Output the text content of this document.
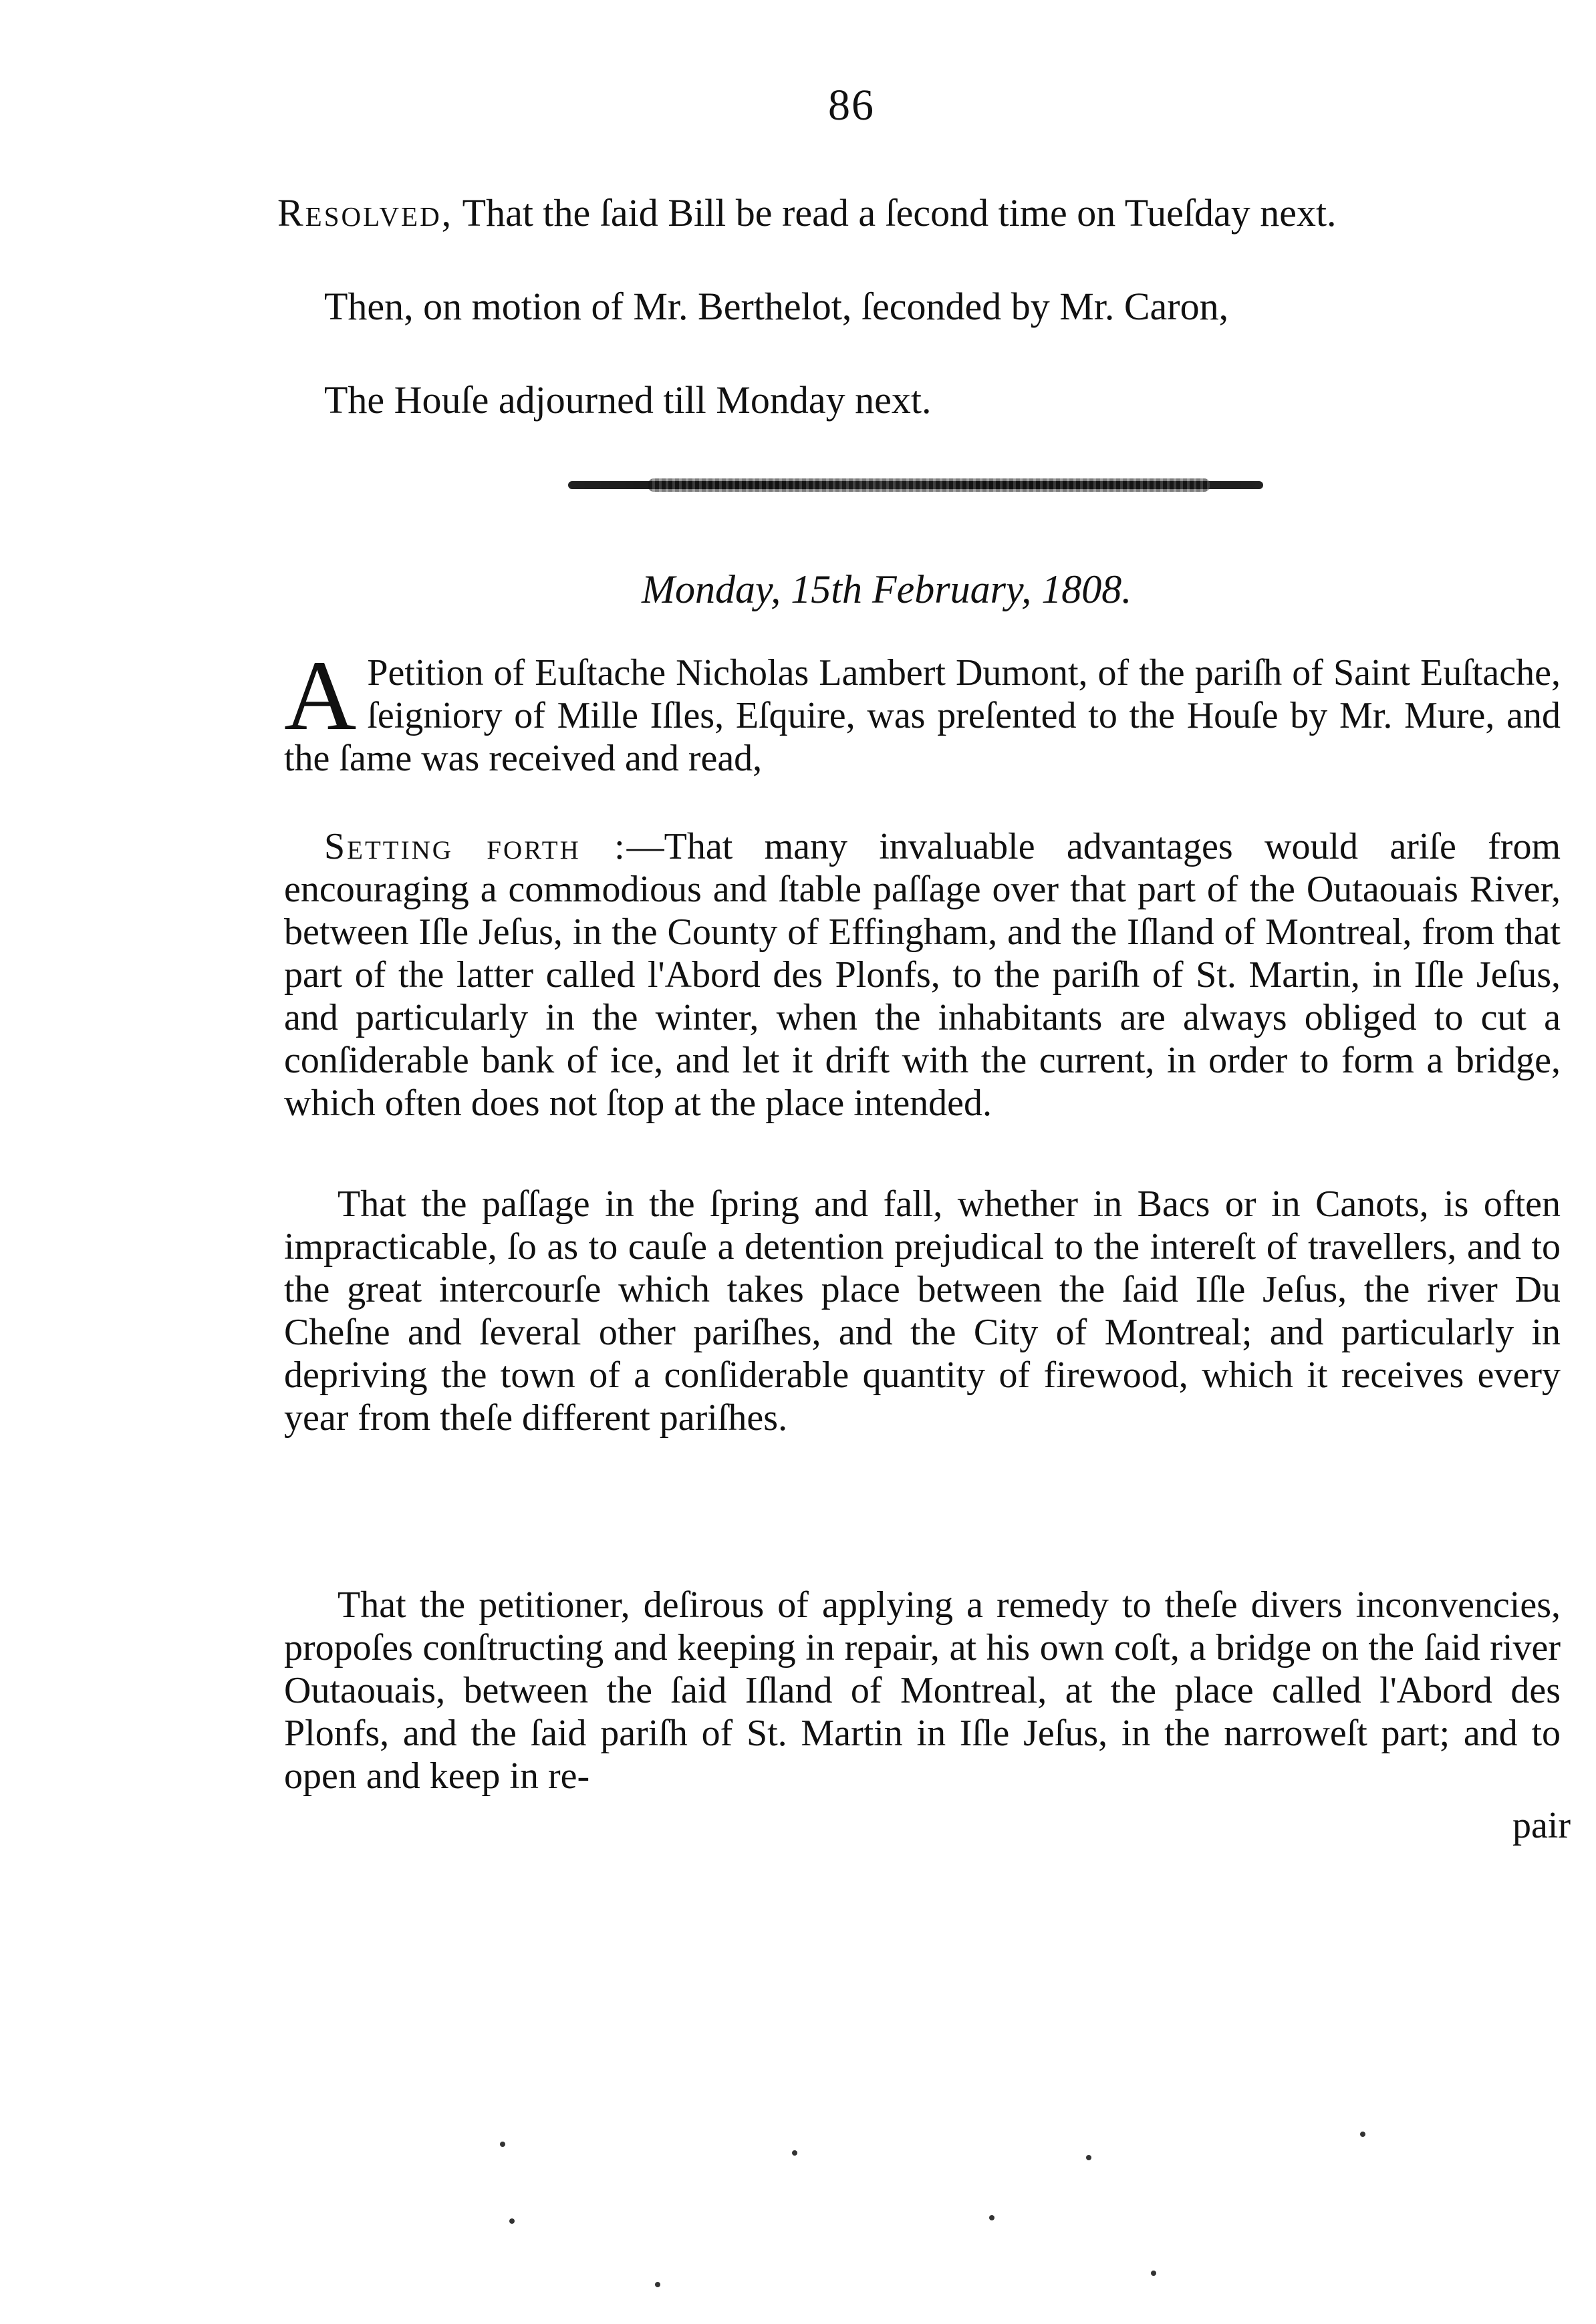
86
Resolved, That the ſaid Bill be read a ſecond time on Tueſday next.
Then, on motion of Mr. Berthelot, ſeconded by Mr. Caron,
The Houſe adjourned till Monday next.
Monday, 15th February, 1808.
A Petition of Euſtache Nicholas Lambert Dumont, of the pariſh of Saint Euſtache, ſeigniory of Mille Iſles, Eſquire, was preſented to the Houſe by Mr. Mure, and the ſame was received and read,
Setting forth :—That many invaluable advantages would ariſe from encouraging a commodious and ſtable paſſage over that part of the Outaouais River, between Iſle Jeſus, in the County of Effingham, and the Iſland of Montreal, from that part of the latter called l'Abord des Plonfs, to the pariſh of St. Martin, in Iſle Jeſus, and particularly in the winter, when the inhabitants are always obliged to cut a conſiderable bank of ice, and let it drift with the current, in order to form a bridge, which often does not ſtop at the place intended.
That the paſſage in the ſpring and fall, whether in Bacs or in Canots, is often impracticable, ſo as to cauſe a detention prejudical to the intereſt of travellers, and to the great intercourſe which takes place between the ſaid Iſle Jeſus, the river Du Cheſne and ſeveral other pariſhes, and the City of Montreal; and particularly in depriving the town of a conſiderable quantity of firewood, which it receives every year from theſe different pariſhes.
That the petitioner, deſirous of applying a remedy to theſe divers inconvencies, propoſes conſtructing and keeping in repair, at his own coſt, a bridge on the ſaid river Outaouais, between the ſaid Iſland of Montreal, at the place called l'Abord des Plonfs, and the ſaid pariſh of St. Martin in Iſle Jeſus, in the narroweſt part; and to open and keep in re-
pair
